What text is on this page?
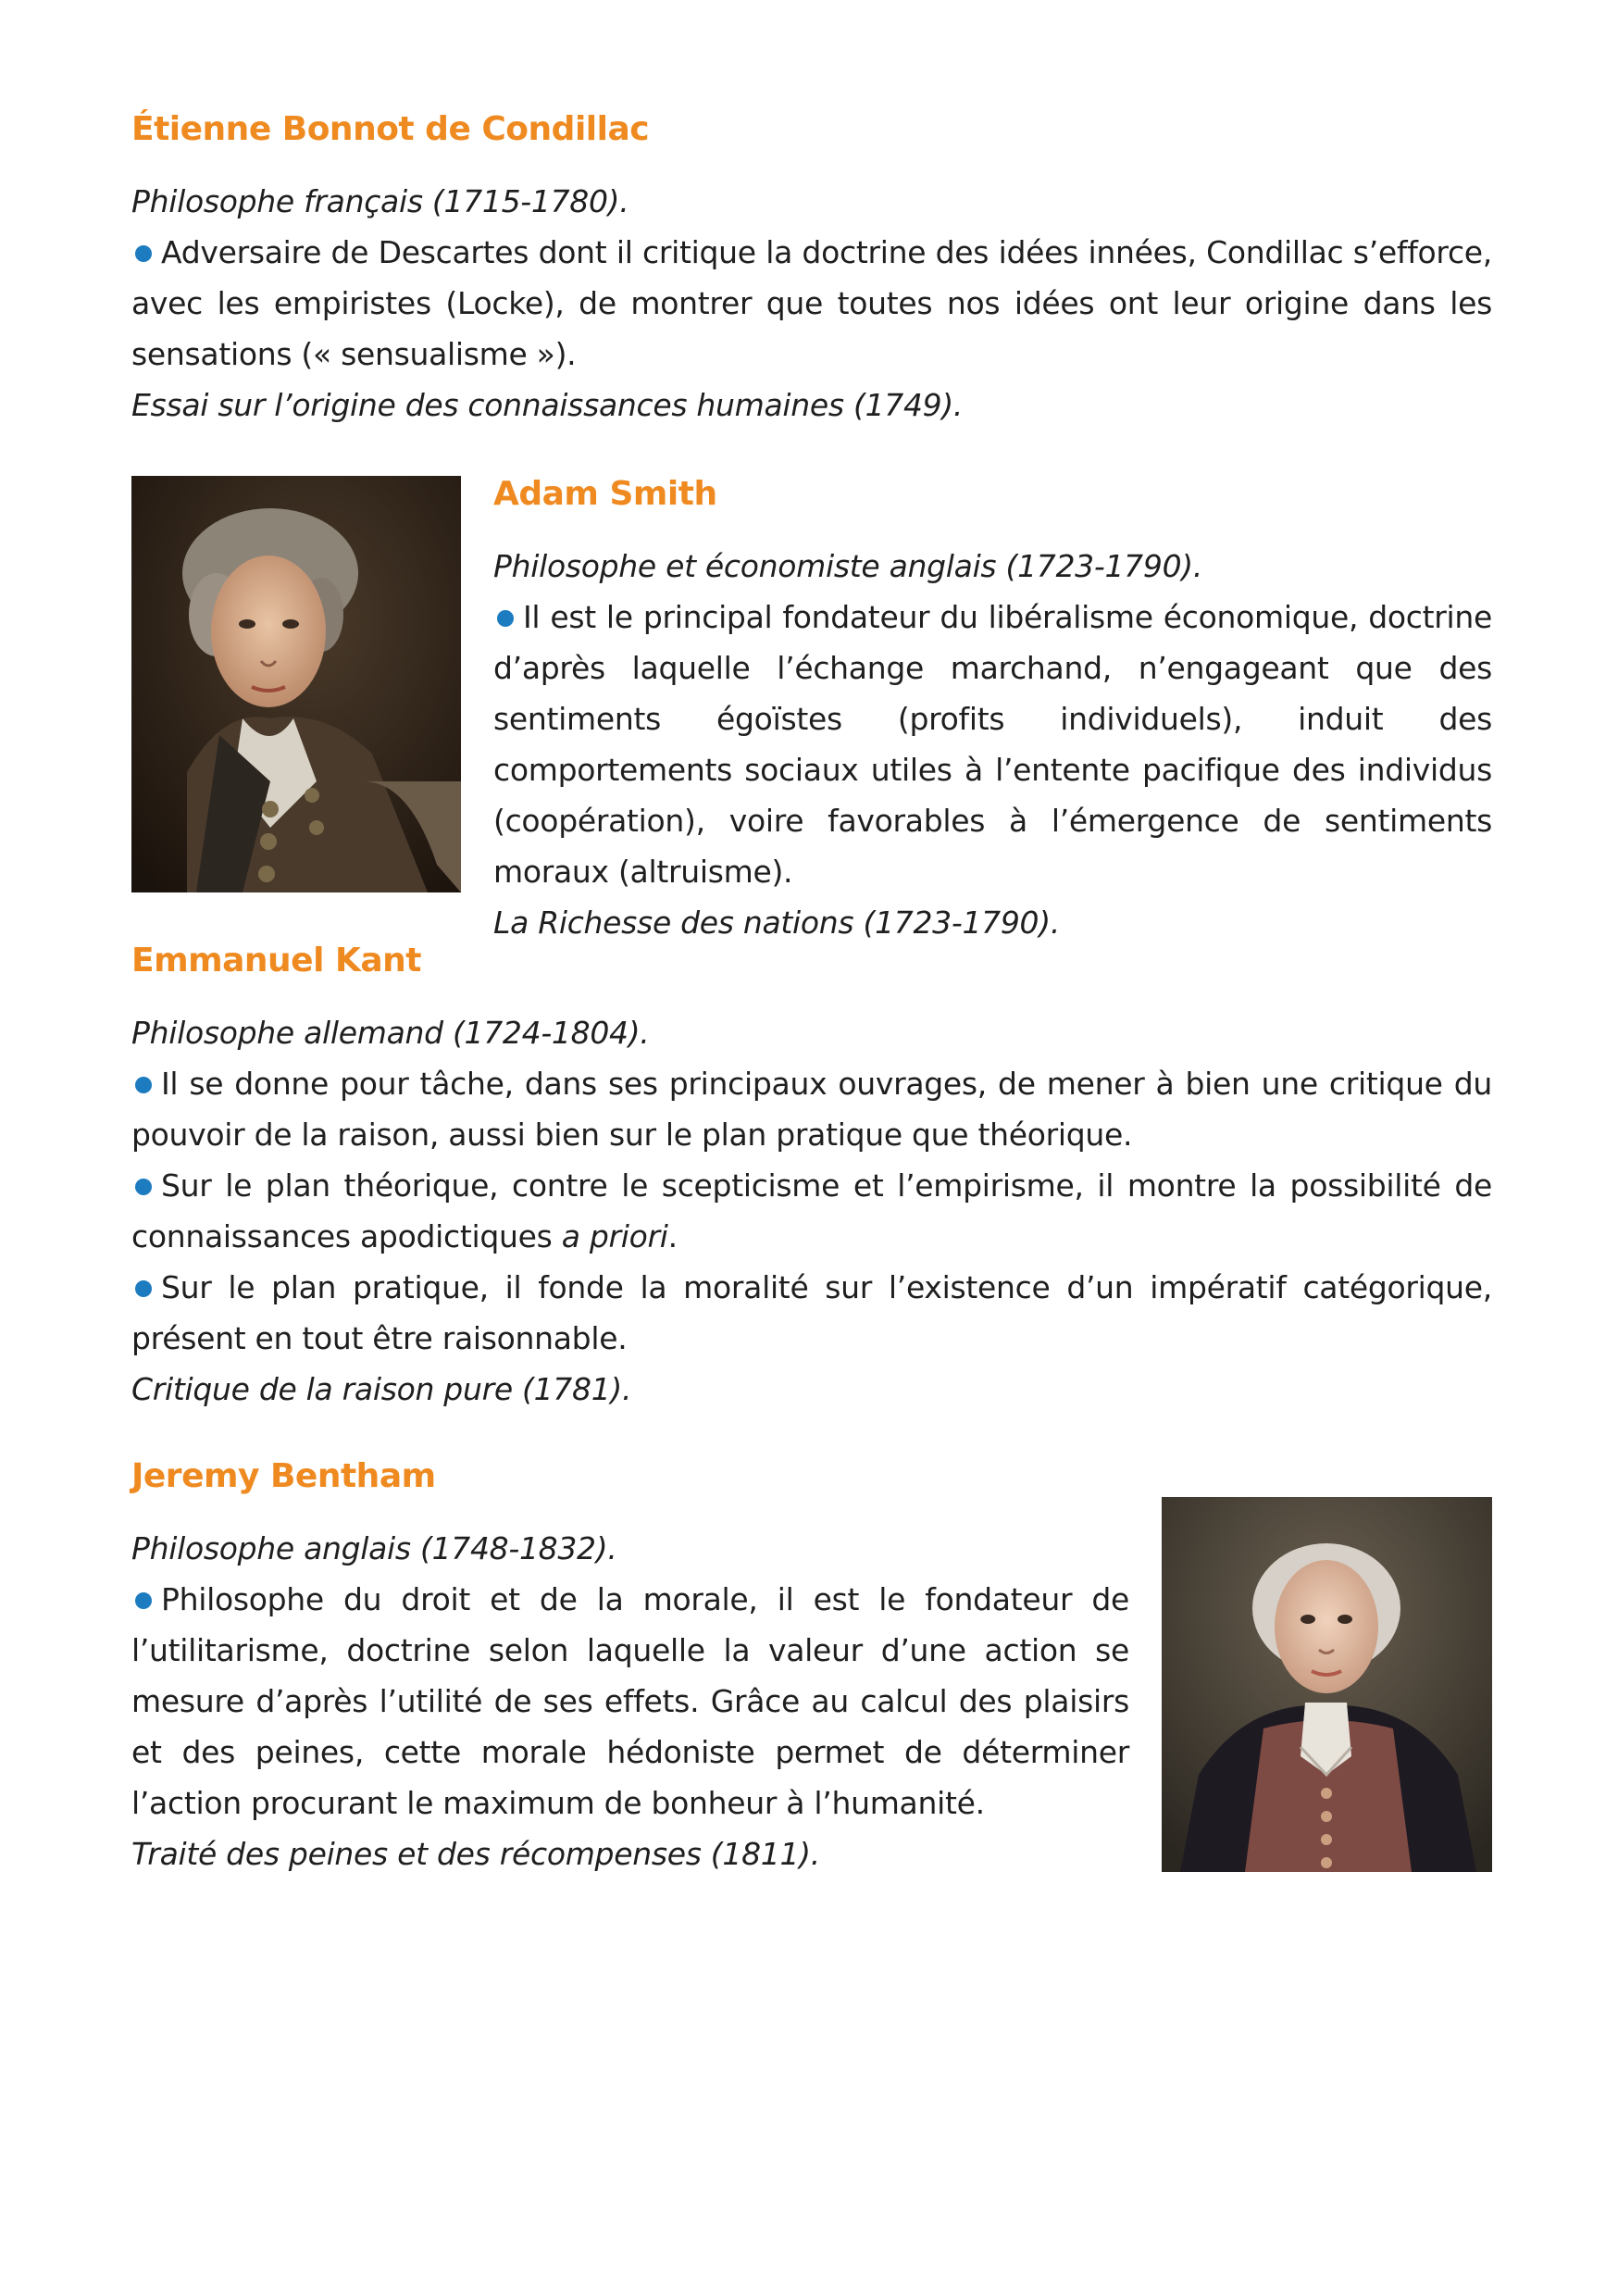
Étienne Bonnot de Condillac

Philosophe français (1715-1780).

Adversaire de Descartes dont il critique la doctrine des idées innées, Condillac s’efforce, avec les empiristes (Locke), de montrer que toutes nos idées ont leur origine dans les sensations (« sensualisme »).

Essai sur l’origine des connaissances humaines (1749).

Adam Smith

Philosophe et économiste anglais (1723-1790).

Il est le principal fondateur du libéralisme économique, doctrine d’après laquelle l’échange marchand, n’engageant que des sentiments égoïstes (profits individuels), induit des comportements sociaux utiles à l’entente pacifique des individus (coopération), voire favorables à l’émergence de sentiments moraux (altruisme).

La Richesse des nations (1723-1790).

Emmanuel Kant

Philosophe allemand (1724-1804).

Il se donne pour tâche, dans ses principaux ouvrages, de mener à bien une critique du pouvoir de la raison, aussi bien sur le plan pratique que théorique.

Sur le plan théorique, contre le scepticisme et l’empirisme, il montre la possibilité de connaissances apodictiques a priori.

Sur le plan pratique, il fonde la moralité sur l’existence d’un impératif catégorique, présent en tout être raisonnable.

Critique de la raison pure (1781).

Jeremy Bentham

Philosophe anglais (1748-1832).

Philosophe du droit et de la morale, il est le fondateur de l’utilitarisme, doctrine selon laquelle la valeur d’une action se mesure d’après l’utilité de ses effets. Grâce au calcul des plaisirs et des peines, cette morale hédoniste permet de déterminer l’action procurant le maximum de bonheur à l’humanité.

Traité des peines et des récompenses (1811).
